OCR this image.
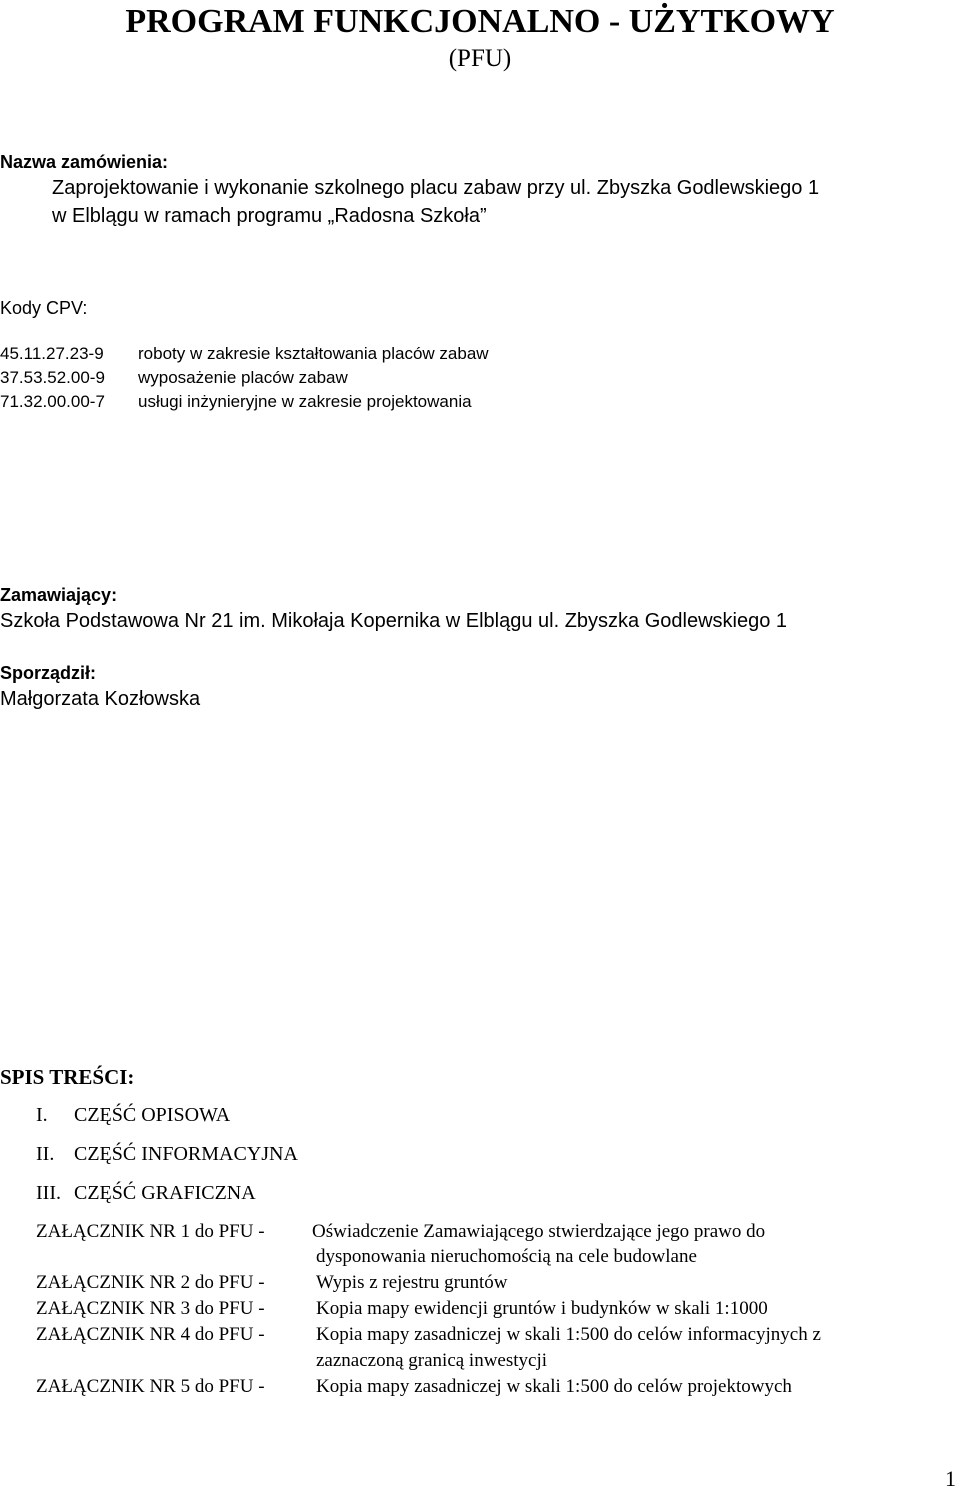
PROGRAM FUNKCJONALNO - UŻYTKOWY
(PFU)
Nazwa zamówienia:
Zaprojektowanie i wykonanie szkolnego placu zabaw przy ul. Zbyszka Godlewskiego 1
w Elblągu w ramach programu „Radosna Szkoła”
Kody CPV:
45.11.27.23-9 roboty w zakresie kształtowania placów zabaw
37.53.52.00-9 wyposażenie placów zabaw
71.32.00.00-7 usługi inżynieryjne w zakresie projektowania
Zamawiający:
Szkoła Podstawowa Nr 21 im. Mikołaja Kopernika w Elblągu ul. Zbyszka Godlewskiego 1
Sporządził:
Małgorzata Kozłowska
SPIS TREŚCI:
I. CZĘŚĆ OPISOWA
II. CZĘŚĆ INFORMACYJNA
III. CZĘŚĆ GRAFICZNA
ZAŁĄCZNIK NR 1 do PFU - Oświadczenie Zamawiającego stwierdzające jego prawo do
dysponowania nieruchomością na cele budowlane
ZAŁĄCZNIK NR 2 do PFU -	Wypis z rejestru gruntów
ZAŁĄCZNIK NR 3 do PFU -	Kopia mapy ewidencji gruntów i budynków w skali 1:1000
ZAŁĄCZNIK NR 4 do PFU -	Kopia mapy zasadniczej w skali 1:500 do celów informacyjnych z
zaznaczoną granicą inwestycji
ZAŁĄCZNIK NR 5 do PFU -	Kopia mapy zasadniczej w skali 1:500 do celów projektowych
1
